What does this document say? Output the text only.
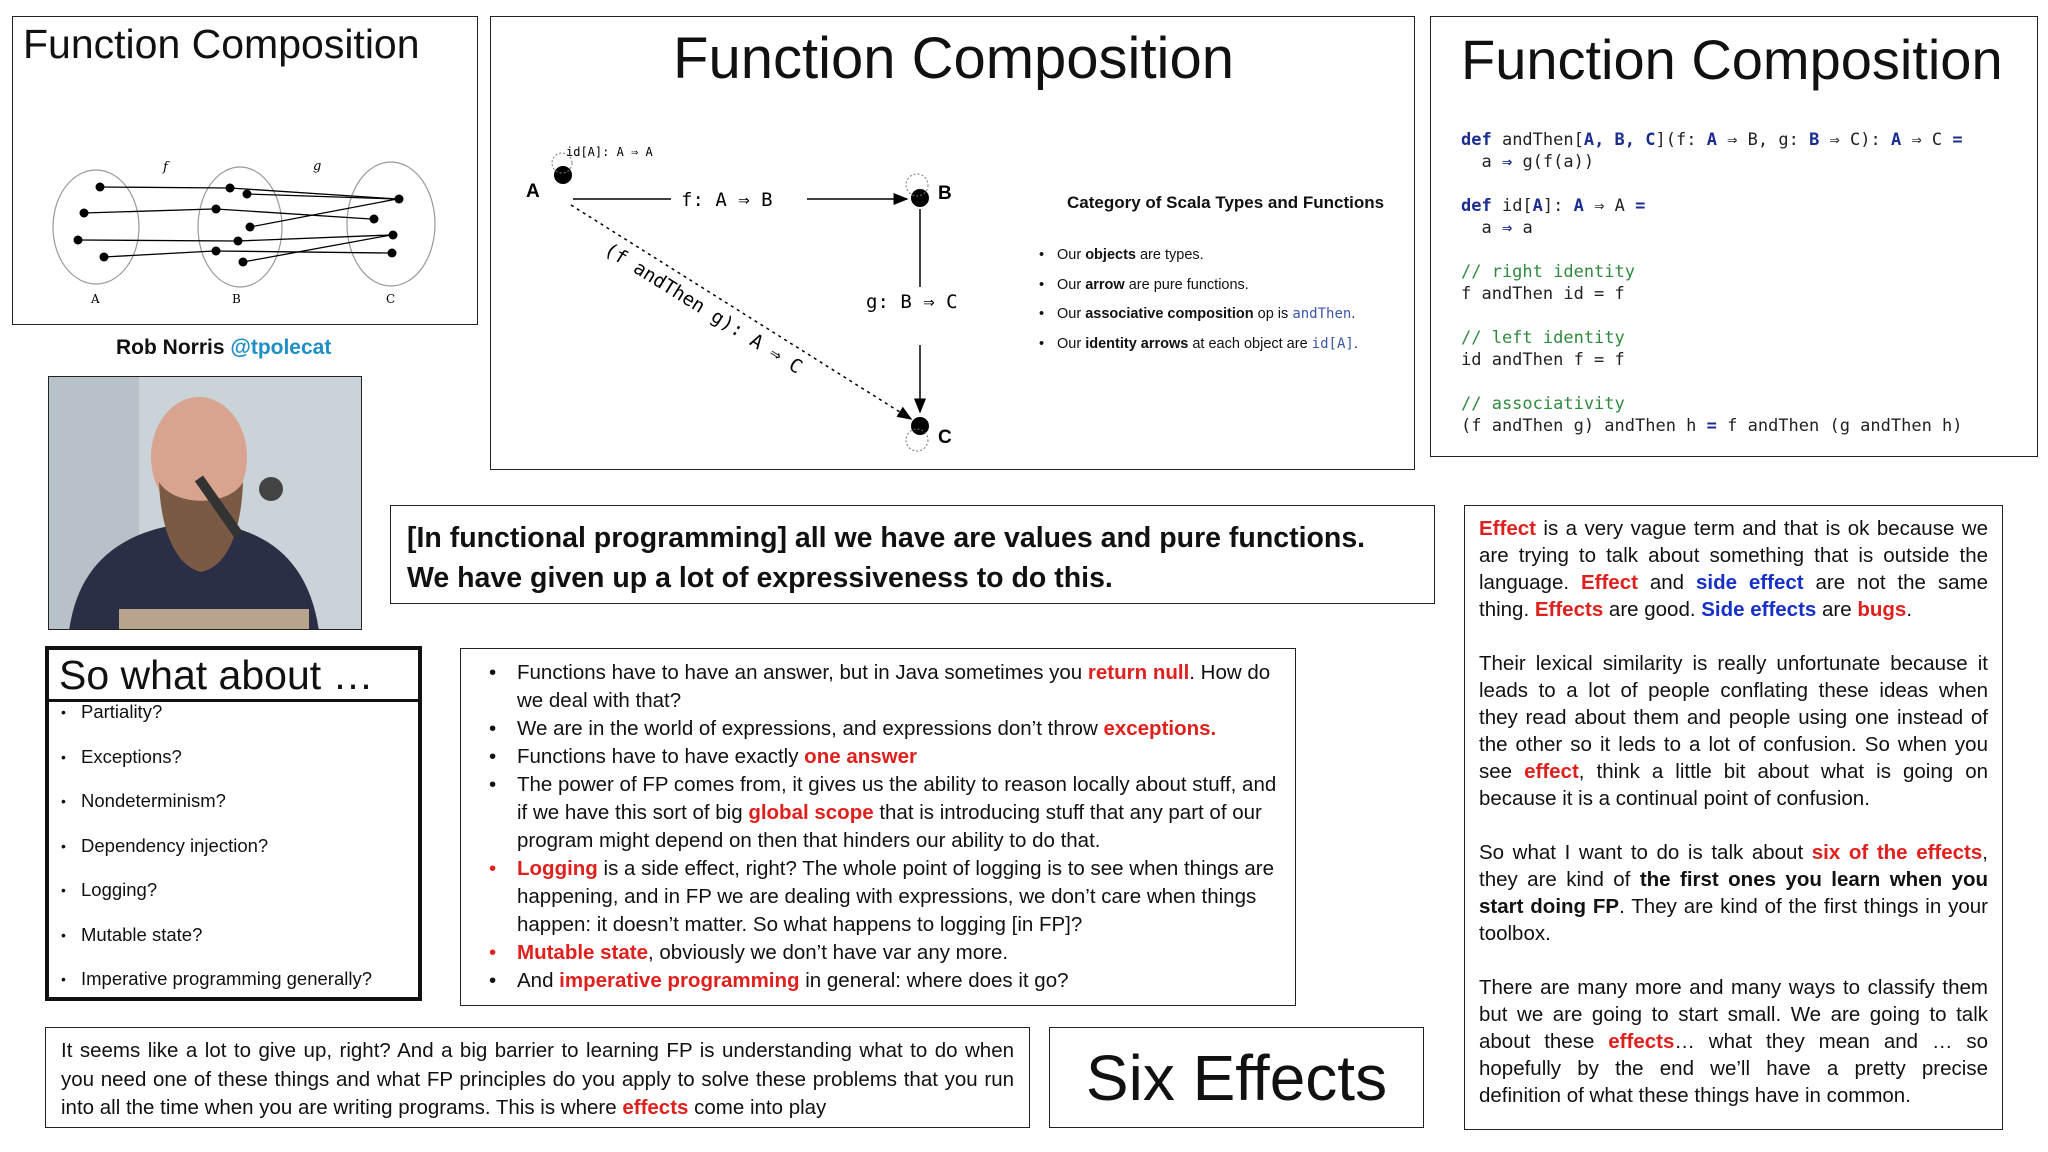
Function Composition
f	g
A	B	C
Function Composition
id[A]: A ⇒ A
A	B
C
f: A ⇒ B
g: B ⇒ C
(f andThen g): A ⇒ C
Category of Scala Types and Functions
• Our objects are types.
• Our arrow are pure functions.
• Our associative composition op is andThen.
• Our identity arrows at each object are id[A].
Function Composition
def andThen[A, B, C](f: A ⇒ B, g: B ⇒ C): A ⇒ C =
a ⇒ g(f(a))

def id[A]: A ⇒ A =
a ⇒ a

// right identity
f andThen id = f

// left identity
id andThen f = f

// associativity
(f andThen g) andThen h = f andThen (g andThen h)
Rob Norris @tpolecat
[In functional programming] all we have are values and pure functions.
We have given up a lot of expressiveness to do this.
So what about …
• Partiality?
• Exceptions?
• Nondeterminism?
• Dependency injection?
• Logging?
• Mutable state?
• Imperative programming generally?
• Functions have to have an answer, but in Java sometimes you return null. How do we deal with that?
• We are in the world of expressions, and expressions don’t throw exceptions.
• Functions have to have exactly one answer
• The power of FP comes from, it gives us the ability to reason locally about stuff, and if we have this sort of big global scope that is introducing stuff that any part of our program might depend on then that hinders our ability to do that.
• Logging is a side effect, right? The whole point of logging is to see when things are happening, and in FP we are dealing with expressions, we don’t care when things happen: it doesn’t matter. So what happens to logging [in FP]?
• Mutable state, obviously we don’t have var any more.
• And imperative programming in general: where does it go?
It seems like a lot to give up, right? And a big barrier to learning FP is understanding what to do when you need one of these things and what FP principles do you apply to solve these problems that you run into all the time when you are writing programs. This is where effects come into play	Six Effects

Effect is a very vague term and that is ok because we are trying to talk about something that is outside the language. Effect and side effect are not the same thing. Effects are good. Side effects are bugs.

Their lexical similarity is really unfortunate because it leads to a lot of people conflating these ideas when they read about them and people using one instead of the other so it leds to a lot of confusion. So when you see effect, think a little bit about what is going on because it is a continual point of confusion.

So what I want to do is talk about six of the effects, they are kind of the first ones you learn when you start doing FP. They are kind of the first things in your toolbox.

There are many more and many ways to classify them but we are going to start small. We are going to talk about these effects… what they mean and … so hopefully by the end we’ll have a pretty precise definition of what these things have in common.
